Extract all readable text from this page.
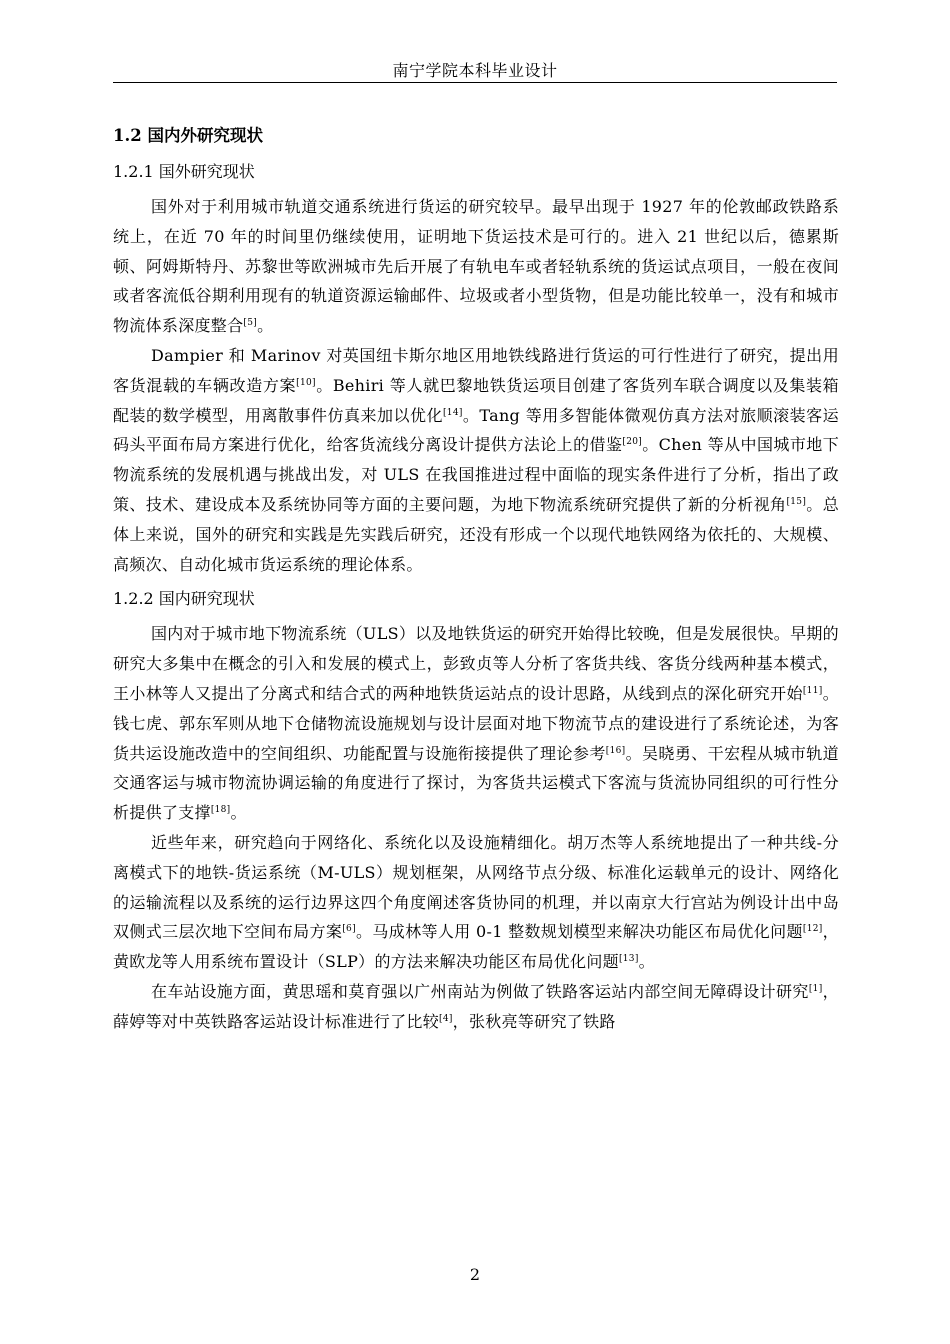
南宁学院本科毕业设计
1.2 国内外研究现状
1.2.1 国外研究现状

国外对于利用城市轨道交通系统进行货运的研究较早。最早出现于 1927 年的伦敦邮政铁路系统上，在近 70 年的时间里仍继续使用，证明地下货运技术是可行的。进入 21 世纪以后，德累斯顿、阿姆斯特丹、苏黎世等欧洲城市先后开展了有轨电车或者轻轨系统的货运试点项目，一般在夜间或者客流低谷期利用现有的轨道资源运输邮件、垃圾或者小型货物，但是功能比较单一，没有和城市物流体系深度整合[5]。

Dampier 和 Marinov 对英国纽卡斯尔地区用地铁线路进行货运的可行性进行了研究，提出用客货混载的车辆改造方案[10]。Behiri 等人就巴黎地铁货运项目创建了客货列车联合调度以及集装箱配装的数学模型，用离散事件仿真来加以优化[14]。Tang 等用多智能体微观仿真方法对旅顺滚装客运码头平面布局方案进行优化，给客货流线分离设计提供方法论上的借鉴[20]。Chen 等从中国城市地下物流系统的发展机遇与挑战出发，对 ULS 在我国推进过程中面临的现实条件进行了分析，指出了政策、技术、建设成本及系统协同等方面的主要问题，为地下物流系统研究提供了新的分析视角[15]。总体上来说，国外的研究和实践是先实践后研究，还没有形成一个以现代地铁网络为依托的、大规模、高频次、自动化城市货运系统的理论体系。

1.2.2 国内研究现状

国内对于城市地下物流系统（ULS）以及地铁货运的研究开始得比较晚，但是发展很快。早期的研究大多集中在概念的引入和发展的模式上，彭致贞等人分析了客货共线、客货分线两种基本模式，王小林等人又提出了分离式和结合式的两种地铁货运站点的设计思路，从线到点的深化研究开始[11]。钱七虎、郭东军则从地下仓储物流设施规划与设计层面对地下物流节点的建设进行了系统论述，为客货共运设施改造中的空间组织、功能配置与设施衔接提供了理论参考[16]。吴晓勇、干宏程从城市轨道交通客运与城市物流协调运输的角度进行了探讨，为客货共运模式下客流与货流协同组织的可行性分析提供了支撑[18]。

近些年来，研究趋向于网络化、系统化以及设施精细化。胡万杰等人系统地提出了一种共线-分离模式下的地铁-货运系统（M-ULS）规划框架，从网络节点分级、标准化运载单元的设计、网络化的运输流程以及系统的运行边界这四个角度阐述客货协同的机理，并以南京大行宫站为例设计出中岛双侧式三层次地下空间布局方案[6]。马成林等人用 0-1 整数规划模型来解决功能区布局优化问题[12]，黄欧龙等人用系统布置设计（SLP）的方法来解决功能区布局优化问题[13]。

在车站设施方面，黄思瑶和莫育强以广州南站为例做了铁路客运站内部空间无障碍设计研究[1]，薛婷等对中英铁路客运站设计标准进行了比较[4]，张秋亮等研究了铁路

2
